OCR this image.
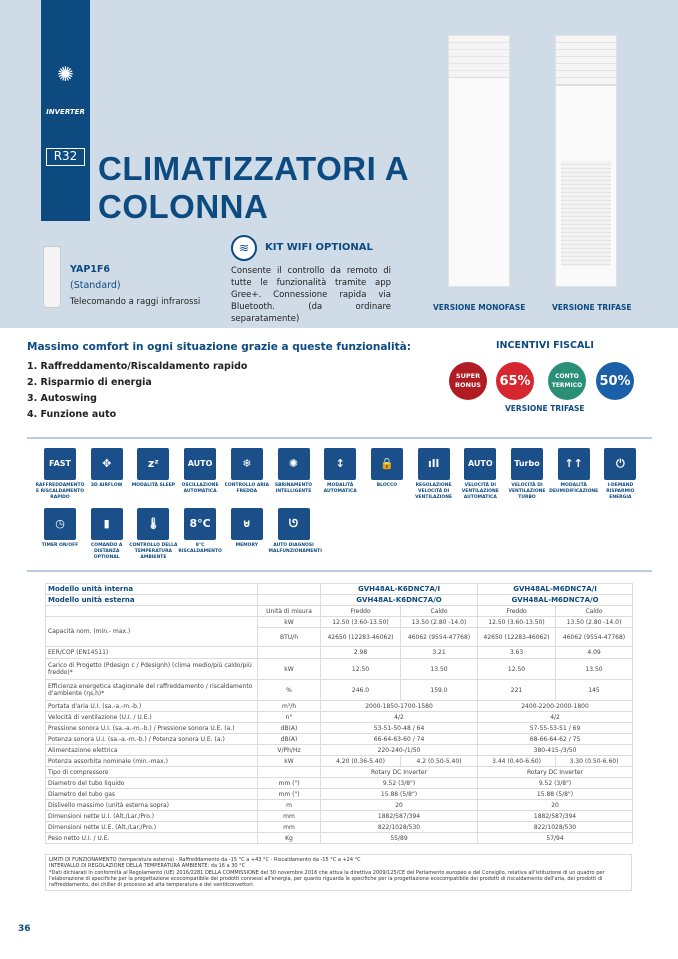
✺
INVERTER
R32 CLIMATIZZATORI A
COLONNA
YAP1F6
(Standard)
Telecomando a raggi infrarossi
≋	KIT WIFI OPTIONAL
Consente il controllo da remoto di tutte le funzionalità tramite app Gree+. Connessione rapida via Bluetooth. (da ordinare separatamente)
VERSIONE MONOFASE	VERSIONE TRIFASE
Massimo comfort in ogni situazione grazie a queste funzionalità:
1. Raffreddamento/Riscaldamento rapido
2. Risparmio di energia
3. Autoswing
4. Funzione auto
INCENTIVI FISCALI
SUPER BONUS	65%	CONTO TERMICO 50%
VERSIONE TRIFASE
FAST
RAFFREDDAMENTO E RISCALDAMENTO RAPIDO
✥
3D AIRFLOW
zᶻ
MODALITÀ SLEEP
AUTO
OSCILLAZIONE AUTOMATICA
❄
CONTROLLO ARIA FREDDA
✺
SBRINAMENTO INTELLIGENTE
↕
MODALITÀ AUTOMATICA
🔒
BLOCCO
ıll
REGOLAZIONE VELOCITÀ DI VENTILAZIONE
AUTO
VELOCITÀ DI VENTILAZIONE AUTOMATICA
Turbo
VELOCITÀ DI VENTILAZIONE TURBO
↑↑
MODALITÀ DEUMIDIFICAZIONE
⏻
I-DEMAND RISPARMIO ENERGIA
◷
TIMER ON/OFF
▮
COMANDO A DISTANZA OPTIONAL
🌡
CONTROLLO DELLA TEMPERATURA AMBIENTE
8°C
8°C RISCALDAMENTO
⊍
MEMORY
ᘎ
AUTO DIAGNOSI MALFUNZIONAMENTI
Modello unità interna		GVH48AL-K6DNC7A/I		GVH48AL-M6DNC7A/I	
Modello unità esterna		GVH48AL-K6DNC7A/O		GVH48AL-M6DNC7A/O	
	Unità di misura	Freddo	Caldo	Freddo	Caldo
Capacità nom. (min.- max.)	kW	12.50 (3.60-13.50)	13.50 (2.80 -14.0)	12.50 (3.60-13.50)	13.50 (2.80 -14.0)
	BTU/h	42650 (12283-46062)	46062 (9554-47768)	42650 (12283-46062)	46062 (9554-47768)
EER/COP (EN14511)		2.98	3.21	3.63	4.09
Carico di Progetto (Pdesign c / Pdesignh) (clima medio/più caldo/più freddo)*	kW	12.50	13.50	12.50	13.50
Efficienza energetica stagionale del raffreddamento / riscaldamento d'ambiente (ηs,h)*	%	246.0	159.0	221	145
Portata d'aria U.I. (sa.-a.-m.-b.)	m³/h	2000-1850-1700-1580		2400-2200-2000-1800	
Velocità di ventilazione (U.I. / U.E.)	n°	4/2		4/2	
Pressione sonora U.I. (sa.-a.-m.-b.) / Pressione sonora U.E. (a.)	dB(A)	53-51-50-48 / 64		57-55-53-51 / 69	
Potenza sonora U.I. (sa.-a.-m.-b.) / Potenza sonora U.E. (a.)	dB(A)	66-64-63-60 / 74		68-66-64-62 / 75	
Alimentazione elettrica	V/Ph/Hz	220-240-/1/50		380-415-/3/50	
Potenza assorbita nominale (min.-max.)	kW	4.20 (0.36-5.40)	4.2 (0.50-5.40)	3.44 (0.40-6.60)	3.30 (0.50-6.60)
Tipo di compressore		Rotary DC Inverter		Rotary DC Inverter	
Diametro del tubo liquido	mm (")	9.52 (3/8")		9.52 (3/8")	
Diametro del tubo gas	mm (")	15.88 (5/8")		15.88 (5/8")	
Dislivello massimo (unità esterna sopra)	m	20		20	
Dimensioni nette U.I. (Alt./Lar./Pro.)	mm	1882/587/394		1882/587/394	
Dimensioni nette U.E. (Alt./Lar./Pro.)	mm	822/1028/530		822/1028/530	
Peso netto U.I. / U.E.	Kg	55/89		57/94	
LIMITI DI FUNZIONAMENTO (temperatura esterna) - Raffreddamento da -15 °C a +43 °C - Riscaldamento da -15 °C a +24 °C
INTERVALLO DI REGOLAZIONE DELLA TEMPERATURA AMBIENTE: da 16 a 30 °C
*Dati dichiarati in conformità al Regolamento (UE) 2016/2281 DELLA COMMISSIONE del 30 novembre 2016 che attua la direttiva 2009/125/CE del Parlamento europeo e del Consiglio, relativa all'istituzione di un quadro per l'elaborazione di specifiche per la progettazione ecocompatibile dei prodotti connessi all'energia, per quanto riguarda le specifiche per la progettazione ecocompatibile dei prodotti di riscaldamento dell'aria, dei prodotti di raffreddamento, dei chiller di processo ad alta temperatura e dei ventilconvettori.
36
